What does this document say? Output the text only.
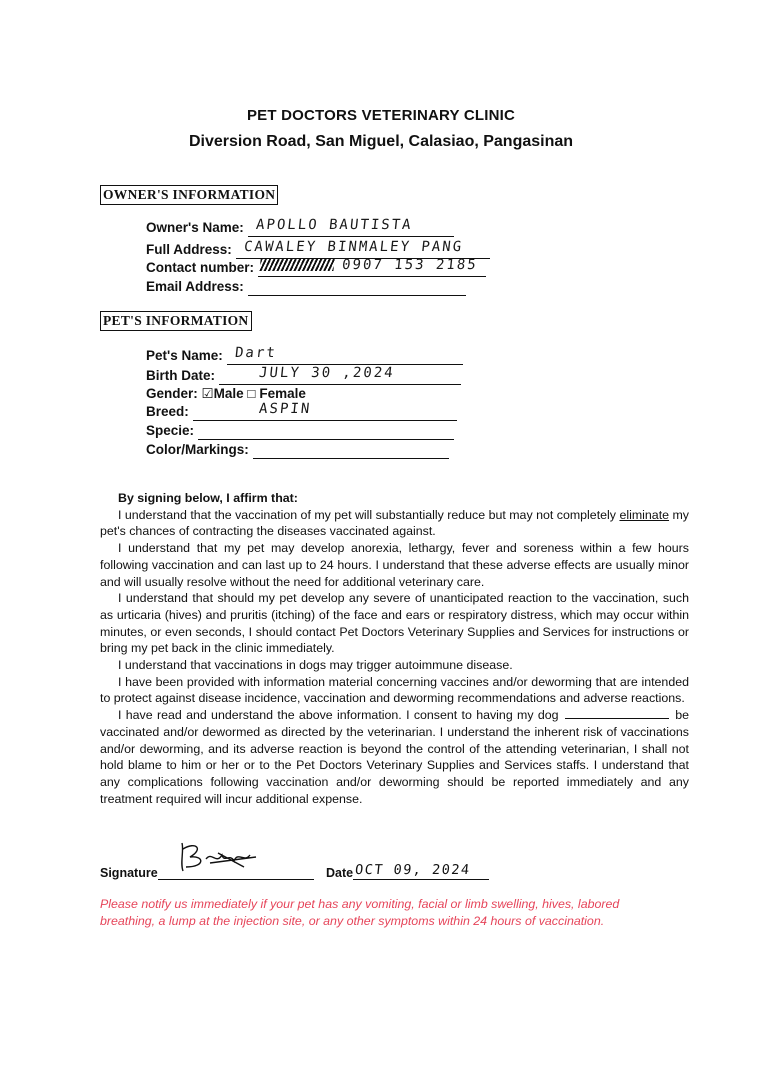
PET DOCTORS VETERINARY CLINIC
Diversion Road, San Miguel, Calasiao, Pangasinan
OWNER'S INFORMATION
Owner's Name: APOLLO BAUTISTA
Full Address: CAWALEY BINMALEY PANG
Contact number:	0907 153 2185
Email Address:
PET'S INFORMATION
Pet's Name: Dart
Birth Date:	JULY 30 ,2024
Gender: ☑Male □ Female
Breed:	ASPIN
Specie:
Color/Markings:

By signing below, I affirm that:

I understand that the vaccination of my pet will substantially reduce but may not completely eliminate my pet's chances of contracting the diseases vaccinated against.

I understand that my pet may develop anorexia, lethargy, fever and soreness within a few hours following vaccination and can last up to 24 hours. I understand that these adverse effects are usually minor and will usually resolve without the need for additional veterinary care.

I understand that should my pet develop any severe of unanticipated reaction to the vaccination, such as urticaria (hives) and pruritis (itching) of the face and ears or respiratory distress, which may occur within minutes, or even seconds, I should contact Pet Doctors Veterinary Supplies and Services for instructions or bring my pet back in the clinic immediately.

I understand that vaccinations in dogs may trigger autoimmune disease.

I have been provided with information material concerning vaccines and/or deworming that are intended to protect against disease incidence, vaccination and deworming recommendations and adverse reactions.

I have read and understand the above information. I consent to having my dog	be vaccinated and/or dewormed as directed by the veterinarian. I understand the inherent risk of vaccinations and/or deworming, and its adverse reaction is beyond the control of the attending veterinarian, I shall not hold blame to him or her or to the Pet Doctors Veterinary Supplies and Services staffs. I understand that any complications following vaccination and/or deworming should be reported immediately and any treatment required will incur additional expense.

Signature	Date OCT 09, 2024
Please notify us immediately if your pet has any vomiting, facial or limb swelling, hives, labored breathing, a lump at the injection site, or any other symptoms within 24 hours of vaccination.
